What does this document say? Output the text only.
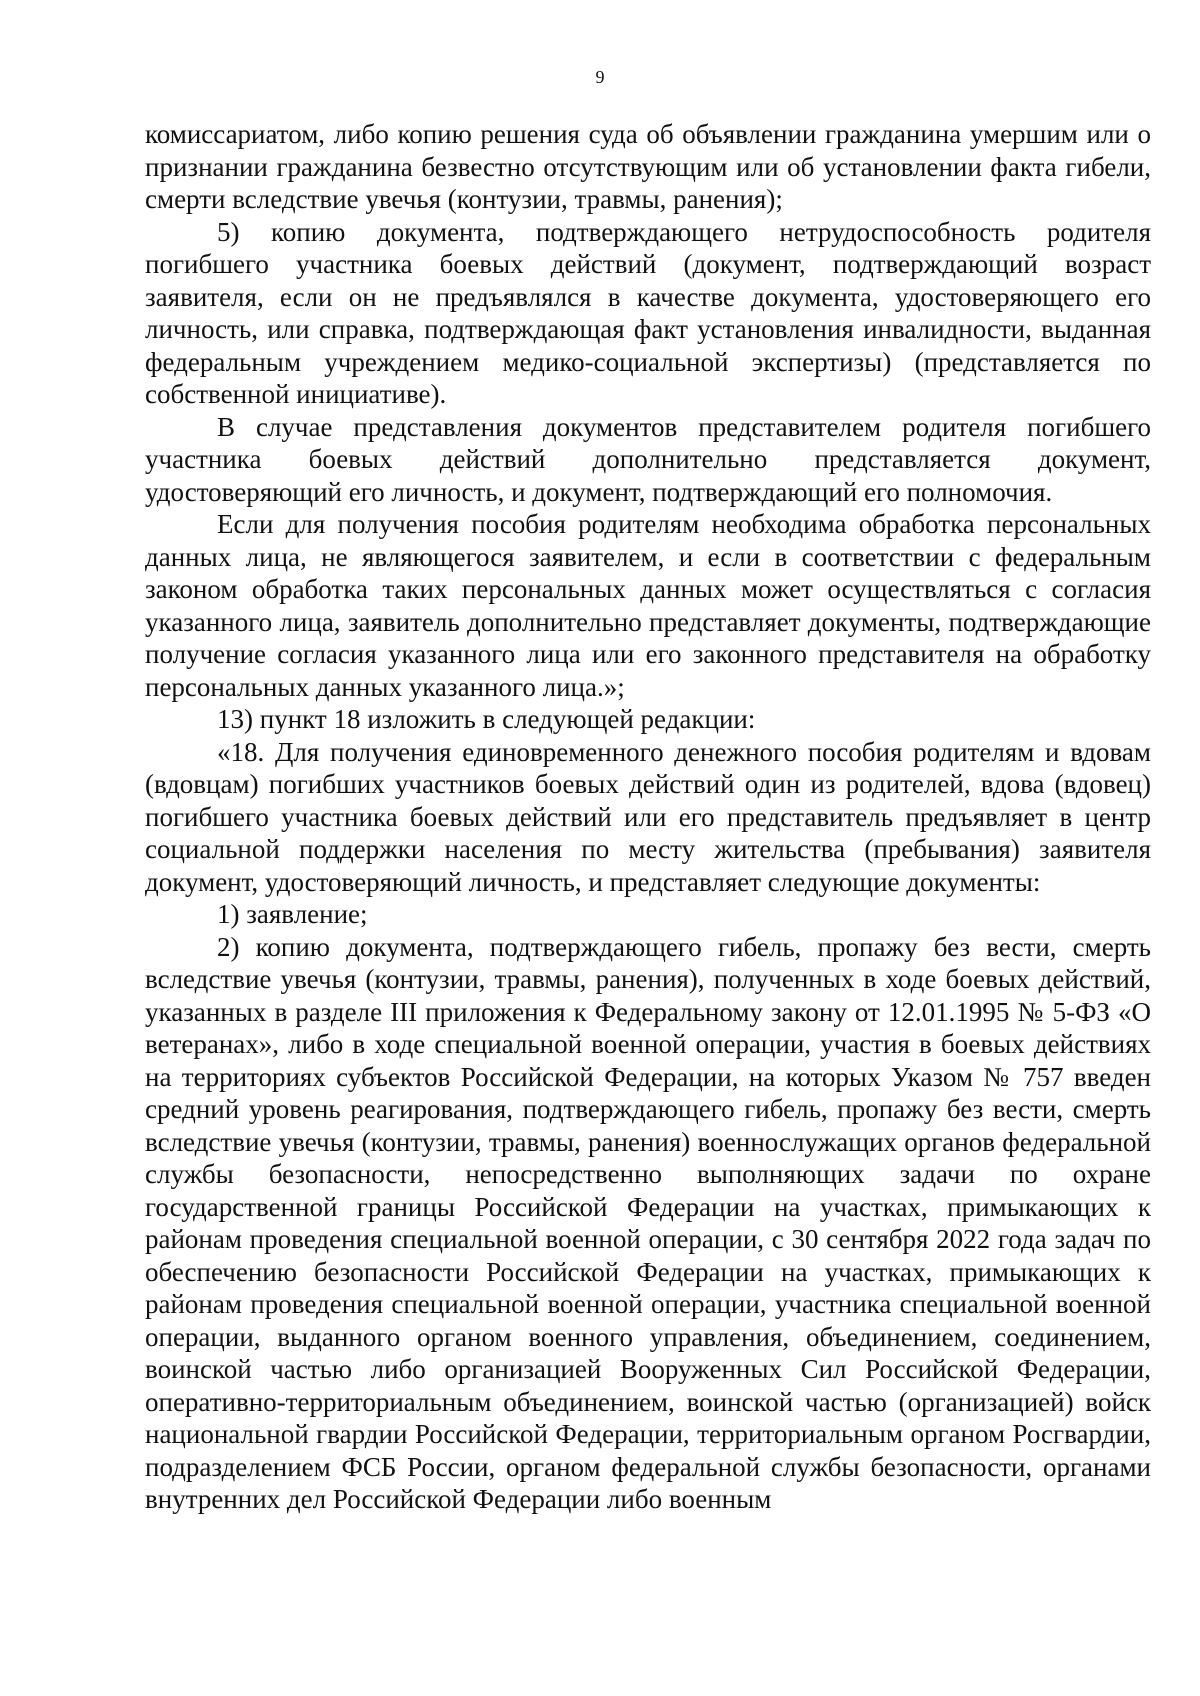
9

комиссариатом, либо копию решения суда об объявлении гражданина умершим или о признании гражданина безвестно отсутствующим или об установлении факта гибели, смерти вследствие увечья (контузии, травмы, ранения);

5) копию документа, подтверждающего нетрудоспособность родителя погибшего участника боевых действий (документ, подтверждающий возраст заявителя, если он не предъявлялся в качестве документа, удостоверяющего его личность, или справка, подтверждающая факт установления инвалидности, выданная федеральным учреждением медико-социальной экспертизы) (представляется по собственной инициативе).

В случае представления документов представителем родителя погибшего участника боевых действий дополнительно представляется документ, удостоверяющий его личность, и документ, подтверждающий его полномочия.

Если для получения пособия родителям необходима обработка персональных данных лица, не являющегося заявителем, и если в соответствии с федеральным законом обработка таких персональных данных может осуществляться с согласия указанного лица, заявитель дополнительно представляет документы, подтверждающие получение согласия указанного лица или его законного представителя на обработку персональных данных указанного лица.»;

13) пункт 18 изложить в следующей редакции:

«18. Для получения единовременного денежного пособия родителям и вдовам (вдовцам) погибших участников боевых действий один из родителей, вдова (вдовец) погибшего участника боевых действий или его представитель предъявляет в центр социальной поддержки населения по месту жительства (пребывания) заявителя документ, удостоверяющий личность, и представляет следующие документы:

1) заявление;

2) копию документа, подтверждающего гибель, пропажу без вести, смерть вследствие увечья (контузии, травмы, ранения), полученных в ходе боевых действий, указанных в разделе III приложения к Федеральному закону от 12.01.1995 № 5-ФЗ «О ветеранах», либо в ходе специальной военной операции, участия в боевых действиях на территориях субъектов Российской Федерации, на которых Указом № 757 введен средний уровень реагирования, подтверждающего гибель, пропажу без вести, смерть вследствие увечья (контузии, травмы, ранения) военнослужащих органов федеральной службы безопасности, непосредственно выполняющих задачи по охране государственной границы Российской Федерации на участках, примыкающих к районам проведения специальной военной операции, с 30 сентября 2022 года задач по обеспечению безопасности Российской Федерации на участках, примыкающих к районам проведения специальной военной операции, участника специальной военной операции, выданного органом военного управления, объединением, соединением, воинской частью либо организацией Вооруженных Сил Российской Федерации, оперативно-территориальным объединением, воинской частью (организацией) войск национальной гвардии Российской Федерации, территориальным органом Росгвардии, подразделением ФСБ России, органом федеральной службы безопасности, органами внутренних дел Российской Федерации либо военным
